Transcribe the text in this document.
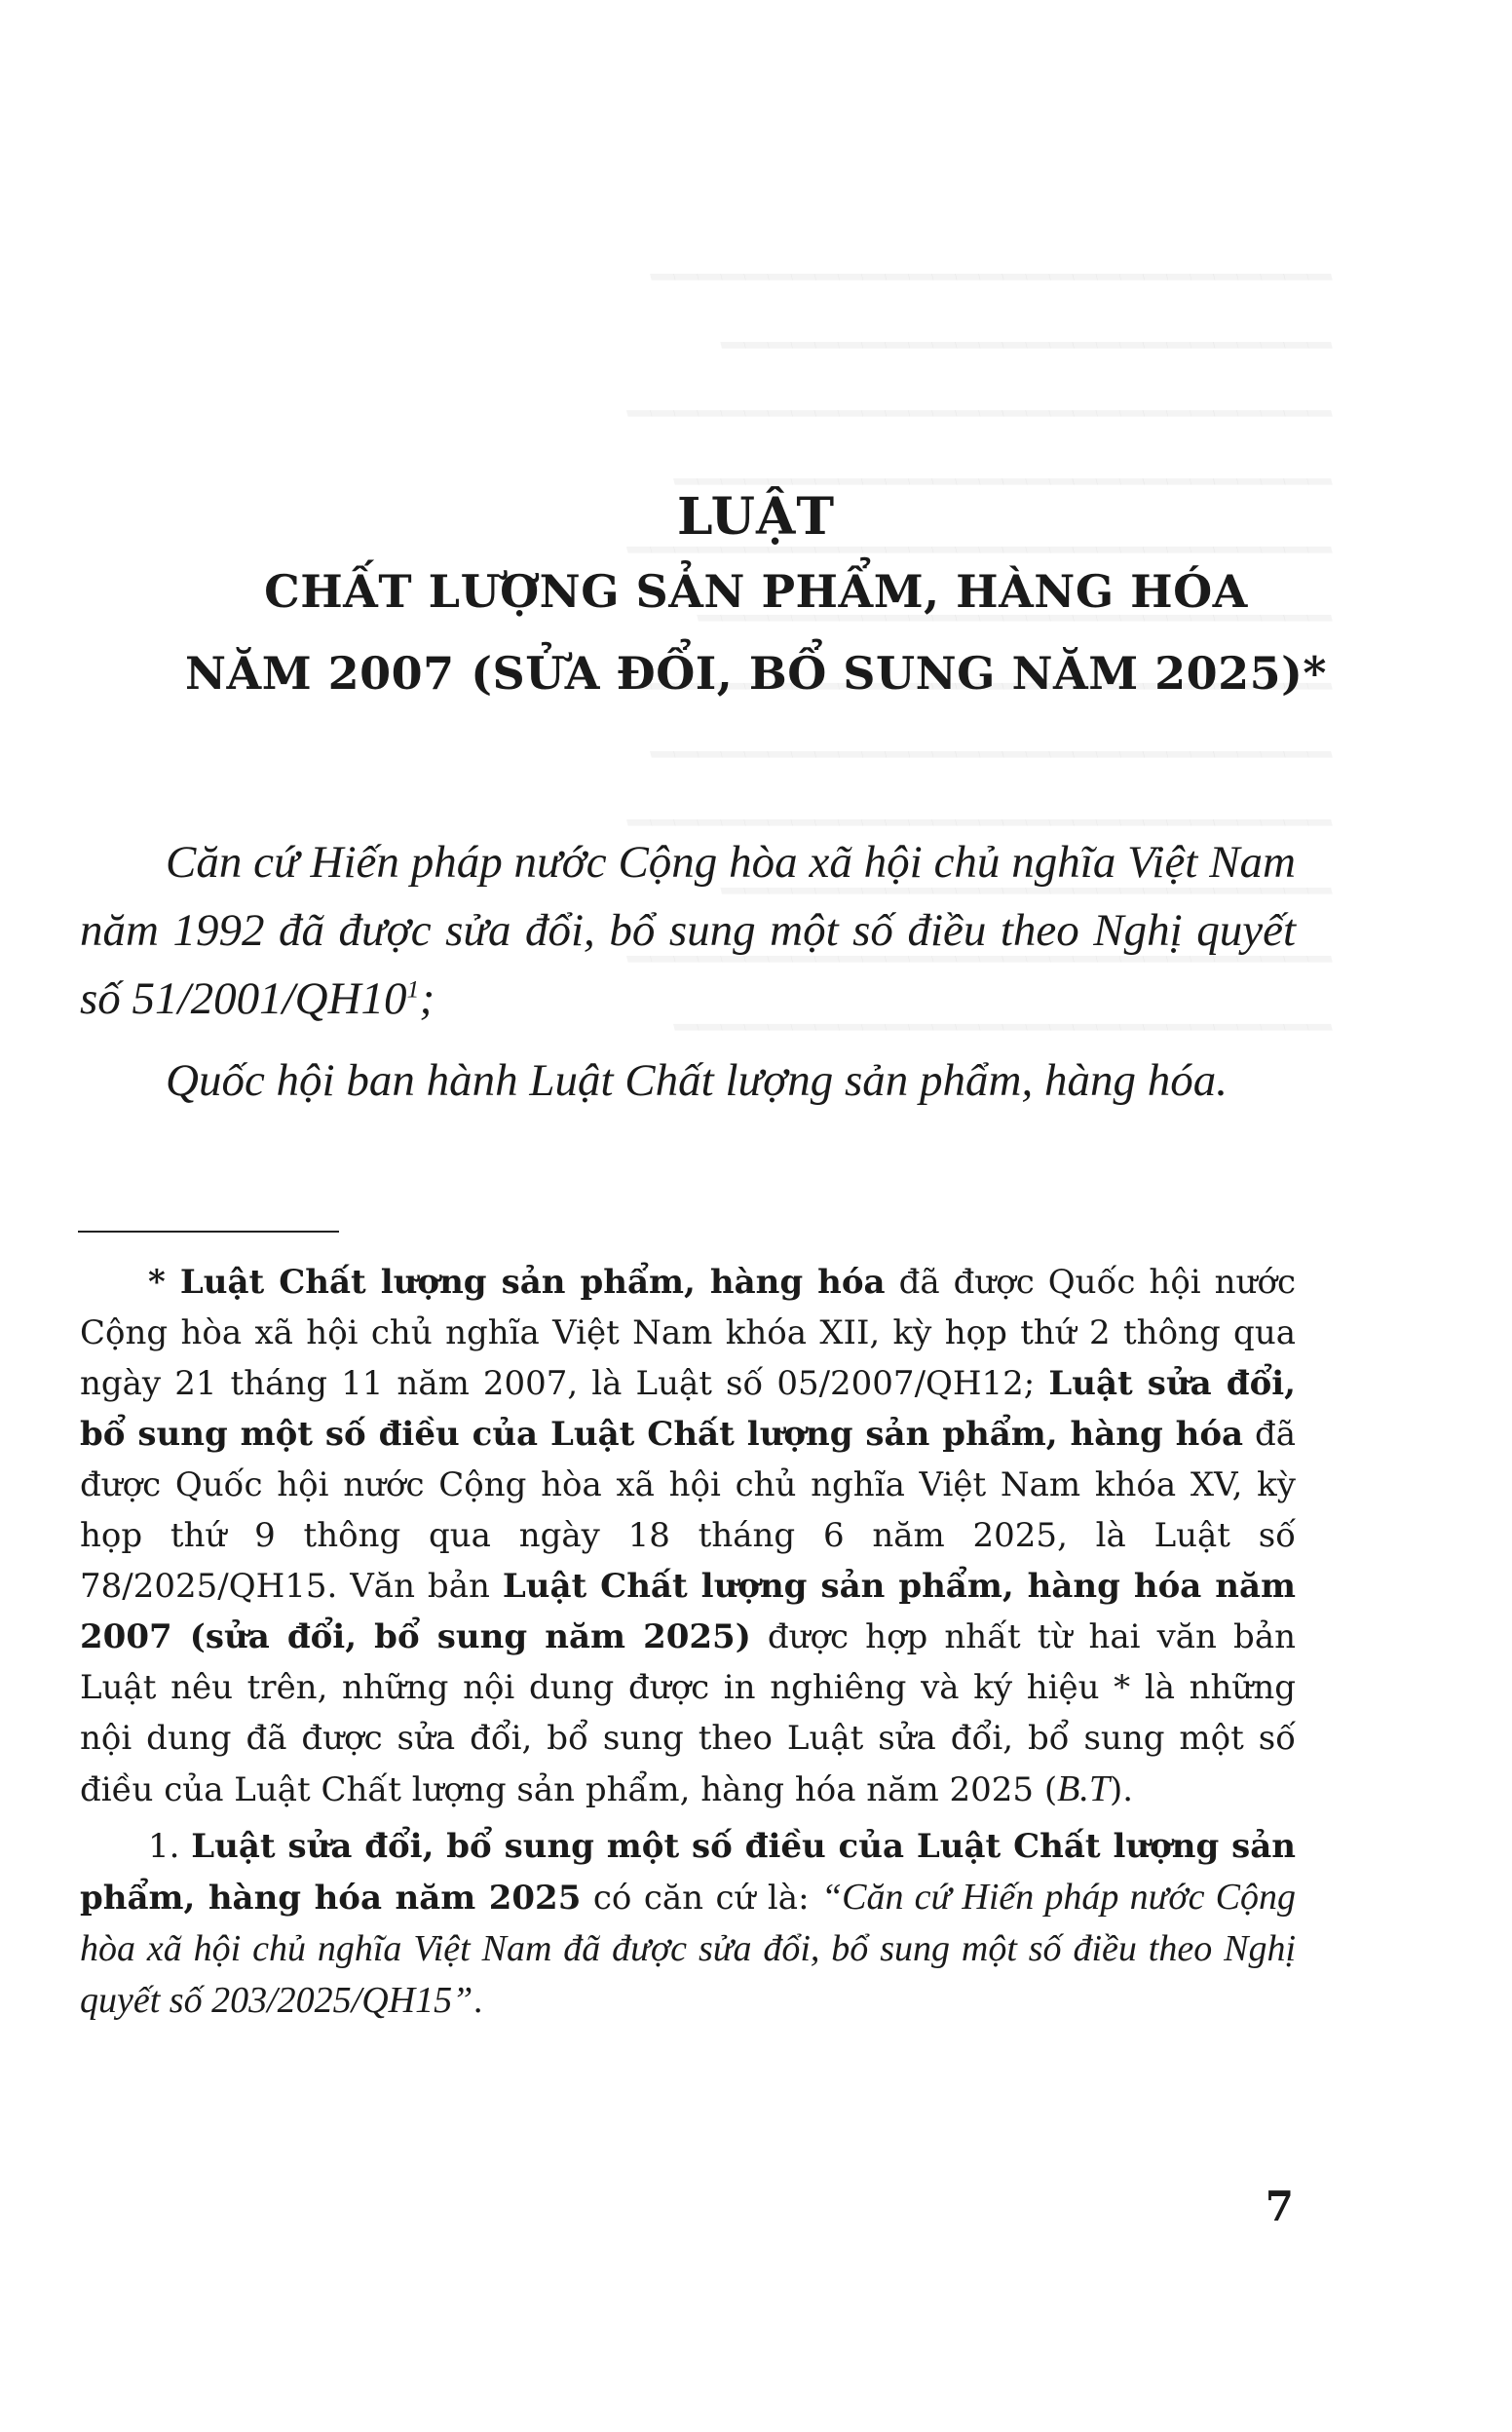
LUẬT
CHẤT LƯỢNG SẢN PHẨM, HÀNG HÓA
NĂM 2007 (SỬA ĐỔI, BỔ SUNG NĂM 2025)*

Căn cứ Hiến pháp nước Cộng hòa xã hội chủ nghĩa Việt Nam năm 1992 đã được sửa đổi, bổ sung một số điều theo Nghị quyết số $51/2001/QH10^1$;

Quốc hội ban hành Luật Chất lượng sản phẩm, hàng hóa.

* Luật Chất lượng sản phẩm, hàng hóa đã được Quốc hội nước Cộng hòa xã hội chủ nghĩa Việt Nam khóa XII, kỳ họp thứ 2 thông qua ngày 21 tháng 11 năm 2007, là Luật số 05/2007/QH12; Luật sửa đổi, bổ sung một số điều của Luật Chất lượng sản phẩm, hàng hóa đã được Quốc hội nước Cộng hòa xã hội chủ nghĩa Việt Nam khóa XV, kỳ họp thứ 9 thông qua ngày 18 tháng 6 năm 2025, là Luật số 78/2025/QH15. Văn bản Luật Chất lượng sản phẩm, hàng hóa năm 2007 (sửa đổi, bổ sung năm 2025) được hợp nhất từ hai văn bản Luật nêu trên, những nội dung được in nghiêng và ký hiệu * là những nội dung đã được sửa đổi, bổ sung theo Luật sửa đổi, bổ sung một số điều của Luật Chất lượng sản phẩm, hàng hóa năm 2025 (B.T).

1. Luật sửa đổi, bổ sung một số điều của Luật Chất lượng sản phẩm, hàng hóa năm 2025 có căn cứ là: “Căn cứ Hiến pháp nước Cộng hòa xã hội chủ nghĩa Việt Nam đã được sửa đổi, bổ sung một số điều theo Nghị quyết số 203/2025/QH15”.

7
